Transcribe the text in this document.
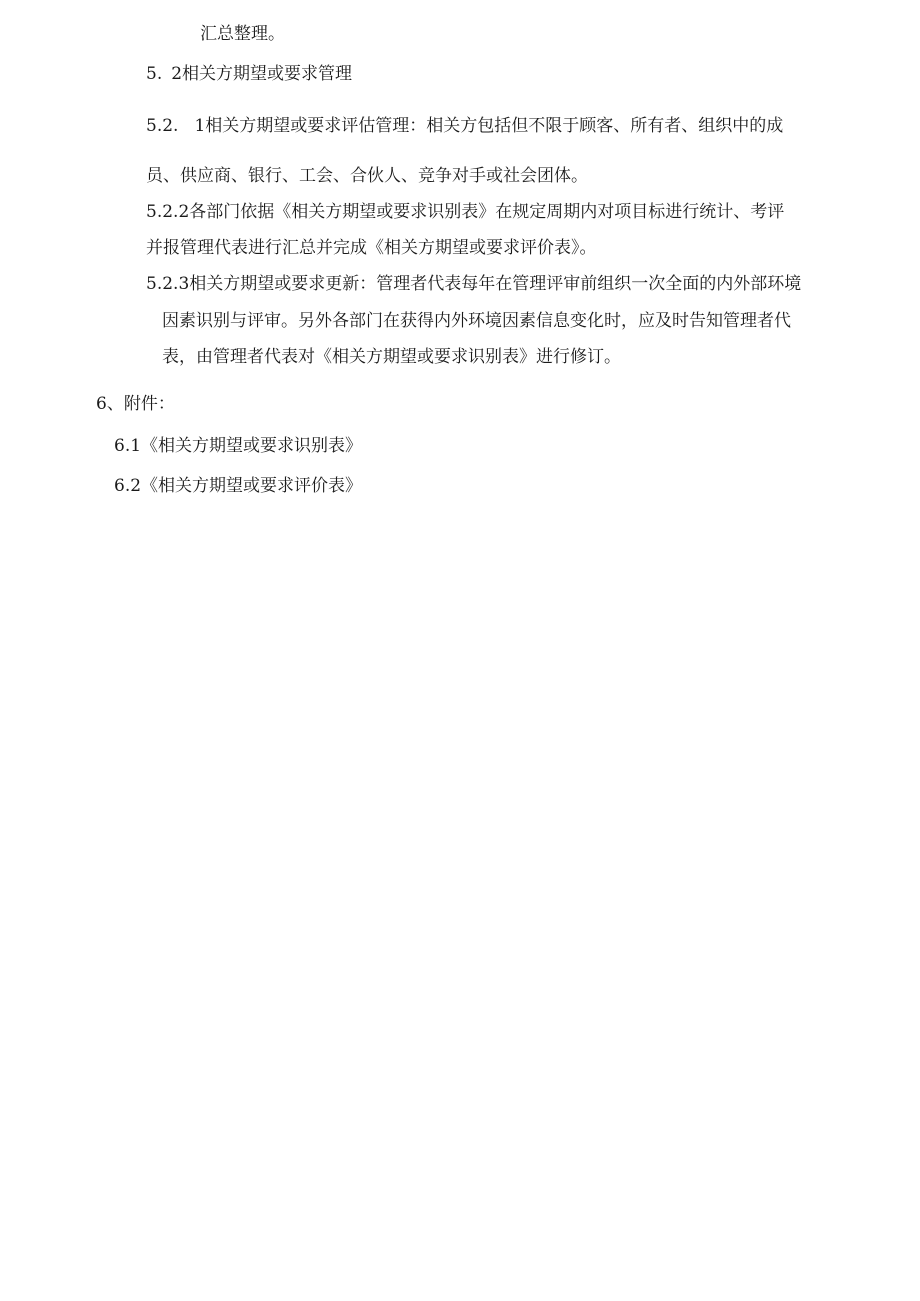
汇总整理。

5. 2相关方期望或要求管理

5.2. 1相关方期望或要求评估管理：相关方包括但不限于顾客、所有者、组织中的成

员、供应商、银行、工会、合伙人、竞争对手或社会团体。

5.2.2各部门依据《相关方期望或要求识别表》在规定周期内对项目标进行统计、考评

并报管理代表进行汇总并完成《相关方期望或要求评价表》。

5.2.3相关方期望或要求更新：管理者代表每年在管理评审前组织一次全面的内外部环境

因素识别与评审。另外各部门在获得内外环境因素信息变化时，应及时告知管理者代

表，由管理者代表对《相关方期望或要求识别表》进行修订。

6、附件：

6.1《相关方期望或要求识别表》

6.2《相关方期望或要求评价表》
